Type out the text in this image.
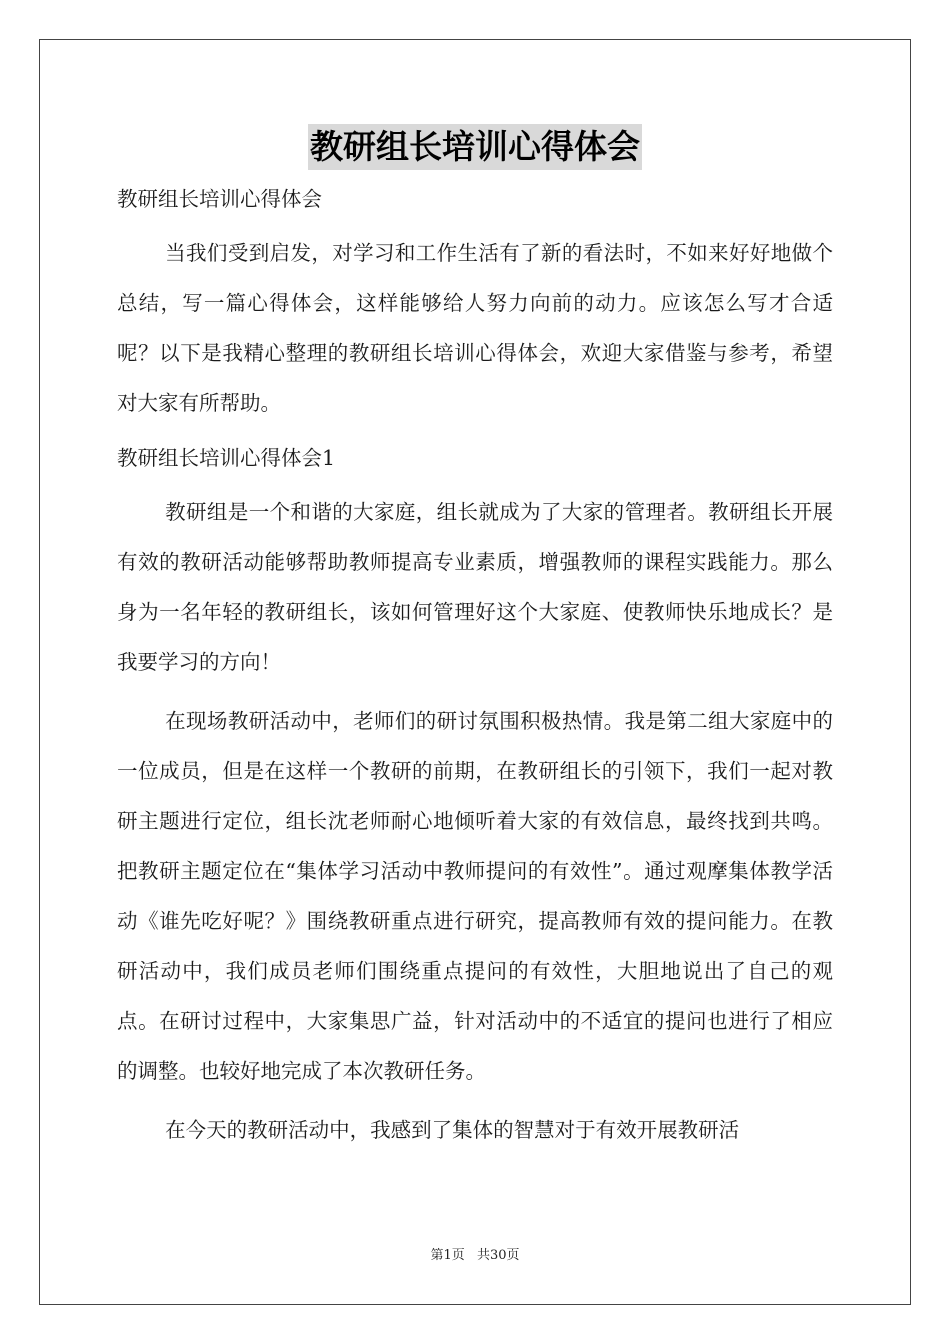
教研组长培训心得体会
教研组长培训心得体会

当我们受到启发，对学习和工作生活有了新的看法时，不如来好好地做个总结，写一篇心得体会，这样能够给人努力向前的动力。应该怎么写才合适呢？以下是我精心整理的教研组长培训心得体会，欢迎大家借鉴与参考，希望对大家有所帮助。

教研组长培训心得体会1

教研组是一个和谐的大家庭，组长就成为了大家的管理者。教研组长开展有效的教研活动能够帮助教师提高专业素质，增强教师的课程实践能力。那么身为一名年轻的教研组长，该如何管理好这个大家庭、使教师快乐地成长？是我要学习的方向！

在现场教研活动中，老师们的研讨氛围积极热情。我是第二组大家庭中的一位成员，但是在这样一个教研的前期，在教研组长的引领下，我们一起对教研主题进行定位，组长沈老师耐心地倾听着大家的有效信息，最终找到共鸣。把教研主题定位在“集体学习活动中教师提问的有效性”。通过观摩集体教学活动《谁先吃好呢？》围绕教研重点进行研究，提高教师有效的提问能力。在教研活动中，我们成员老师们围绕重点提问的有效性，大胆地说出了自己的观点。在研讨过程中，大家集思广益，针对活动中的不适宜的提问也进行了相应的调整。也较好地完成了本次教研任务。

在今天的教研活动中，我感到了集体的智慧对于有效开展教研活

第1页 共30页
